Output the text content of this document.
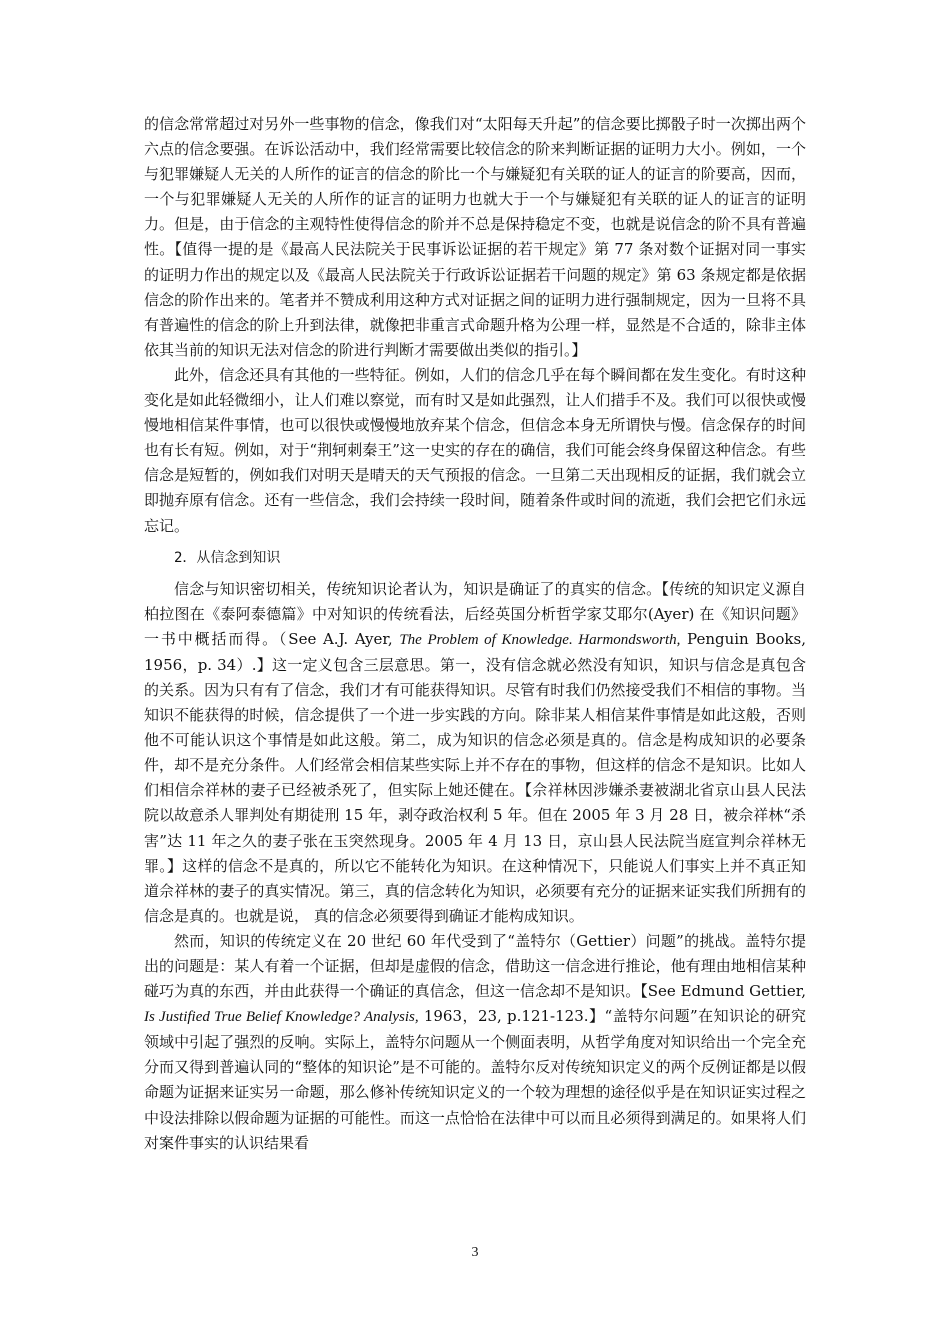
的信念常常超过对另外一些事物的信念，像我们对“太阳每天升起”的信念要比掷骰子时一次掷出两个六点的信念要强。在诉讼活动中，我们经常需要比较信念的阶来判断证据的证明力大小。例如，一个与犯罪嫌疑人无关的人所作的证言的信念的阶比一个与嫌疑犯有关联的证人的证言的阶要高，因而，一个与犯罪嫌疑人无关的人所作的证言的证明力也就大于一个与嫌疑犯有关联的证人的证言的证明力。但是，由于信念的主观特性使得信念的阶并不总是保持稳定不变，也就是说信念的阶不具有普遍性。【值得一提的是《最高人民法院关于民事诉讼证据的若干规定》第 77 条对数个证据对同一事实的证明力作出的规定以及《最高人民法院关于行政诉讼证据若干问题的规定》第 63 条规定都是依据信念的阶作出来的。笔者并不赞成利用这种方式对证据之间的证明力进行强制规定，因为一旦将不具有普遍性的信念的阶上升到法律，就像把非重言式命题升格为公理一样，显然是不合适的，除非主体依其当前的知识无法对信念的阶进行判断才需要做出类似的指引。】

此外，信念还具有其他的一些特征。例如，人们的信念几乎在每个瞬间都在发生变化。有时这种变化是如此轻微细小，让人们难以察觉，而有时又是如此强烈，让人们措手不及。我们可以很快或慢慢地相信某件事情，也可以很快或慢慢地放弃某个信念，但信念本身无所谓快与慢。信念保存的时间也有长有短。例如，对于“荆轲刺秦王”这一史实的存在的确信，我们可能会终身保留这种信念。有些信念是短暂的，例如我们对明天是晴天的天气预报的信念。一旦第二天出现相反的证据，我们就会立即抛弃原有信念。还有一些信念，我们会持续一段时间，随着条件或时间的流逝，我们会把它们永远忘记。

2．从信念到知识

信念与知识密切相关，传统知识论者认为，知识是确证了的真实的信念。【传统的知识定义源自柏拉图在《泰阿泰德篇》中对知识的传统看法，后经英国分析哲学家艾耶尔(Ayer) 在《知识问题》一书中概括而得。（See A.J. Ayer, The Problem of Knowledge. Harmondsworth, Penguin Books, 1956，p. 34）.】这一定义包含三层意思。第一，没有信念就必然没有知识，知识与信念是真包含的关系。因为只有有了信念，我们才有可能获得知识。尽管有时我们仍然接受我们不相信的事物。当知识不能获得的时候，信念提供了一个进一步实践的方向。除非某人相信某件事情是如此这般，否则他不可能认识这个事情是如此这般。第二，成为知识的信念必须是真的。信念是构成知识的必要条件，却不是充分条件。人们经常会相信某些实际上并不存在的事物，但这样的信念不是知识。比如人们相信佘祥林的妻子已经被杀死了，但实际上她还健在。【佘祥林因涉嫌杀妻被湖北省京山县人民法院以故意杀人罪判处有期徒刑 15 年，剥夺政治权利 5 年。但在 2005 年 3 月 28 日，被佘祥林“杀害”达 11 年之久的妻子张在玉突然现身。2005 年 4 月 13 日，京山县人民法院当庭宣判佘祥林无罪。】这样的信念不是真的，所以它不能转化为知识。在这种情况下，只能说人们事实上并不真正知道佘祥林的妻子的真实情况。第三，真的信念转化为知识，必须要有充分的证据来证实我们所拥有的信念是真的。也就是说， 真的信念必须要得到确证才能构成知识。

然而，知识的传统定义在 20 世纪 60 年代受到了“盖特尔（Gettier）问题”的挑战。盖特尔提出的问题是：某人有着一个证据，但却是虚假的信念，借助这一信念进行推论，他有理由地相信某种碰巧为真的东西，并由此获得一个确证的真信念，但这一信念却不是知识。【See Edmund Gettier, Is Justified True Belief Knowledge? Analysis, 1963，23, p.121-123.】“盖特尔问题”在知识论的研究领域中引起了强烈的反响。实际上，盖特尔问题从一个侧面表明，从哲学角度对知识给出一个完全充分而又得到普遍认同的“整体的知识论”是不可能的。盖特尔反对传统知识定义的两个反例证都是以假命题为证据来证实另一命题，那么修补传统知识定义的一个较为理想的途径似乎是在知识证实过程之中设法排除以假命题为证据的可能性。而这一点恰恰在法律中可以而且必须得到满足的。如果将人们对案件事实的认识结果看

3
